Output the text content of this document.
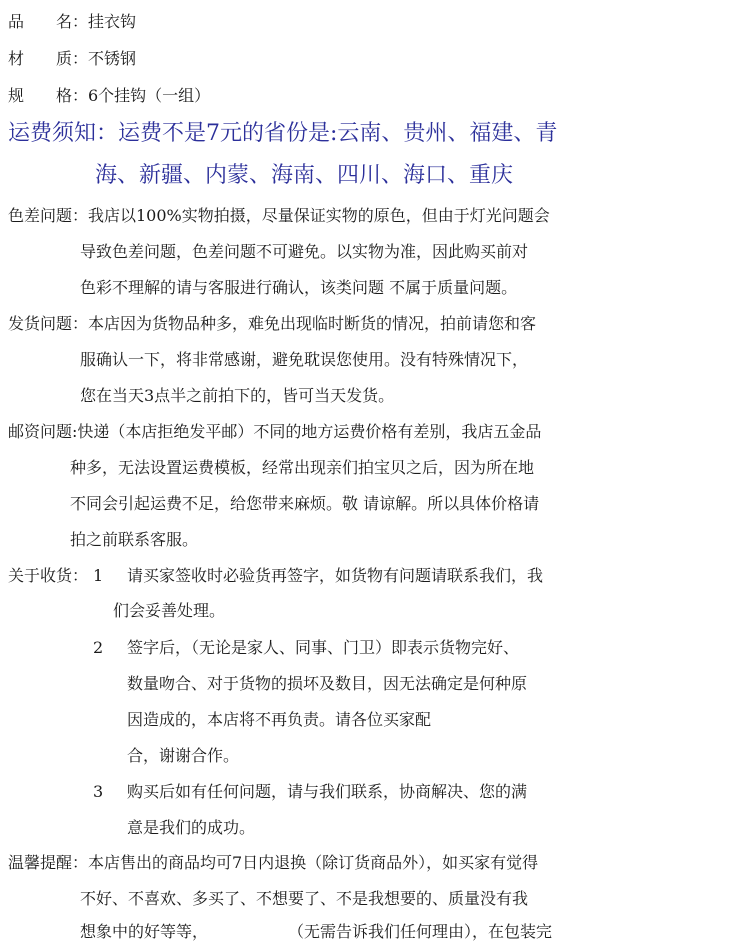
品　　名：挂衣钩
材　　质：不锈钢
规　　格：6个挂钩（一组）
运费须知：运费不是7元的省份是:云南、贵州、福建、青
海、新疆、内蒙、海南、四川、海口、重庆
色差问题：我店以100%实物拍摄，尽量保证实物的原色，但由于灯光问题会
导致色差问题，色差问题不可避免。以实物为准，因此购买前对
色彩不理解的请与客服进行确认，该类问题 不属于质量问题。
发货问题：本店因为货物品种多，难免出现临时断货的情况，拍前请您和客
服确认一下，将非常感谢，避免耽误您使用。没有特殊情况下，
您在当天3点半之前拍下的，皆可当天发货。
邮资问题:快递（本店拒绝发平邮）不同的地方运费价格有差别，我店五金品
种多，无法设置运费模板，经常出现亲们拍宝贝之后，因为所在地
不同会引起运费不足，给您带来麻烦。敬 请谅解。所以具体价格请
拍之前联系客服。
关于收货： 1 请买家签收时必验货再签字，如货物有问题请联系我们，我
们会妥善处理。
2 签字后，（无论是家人、同事、门卫）即表示货物完好、
数量吻合、对于货物的损坏及数目，因无法确定是何种原
因造成的，本店将不再负责。请各位买家配
合，谢谢合作。
3 购买后如有任何问题，请与我们联系，协商解决、您的满
意是我们的成功。
温馨提醒：本店售出的商品均可7日内退换（除订货商品外），如买家有觉得
不好、不喜欢、多买了、不想要了、不是我想要的、质量没有我
想象中的好等等，　　　　　　（无需告诉我们任何理由），在包装完
